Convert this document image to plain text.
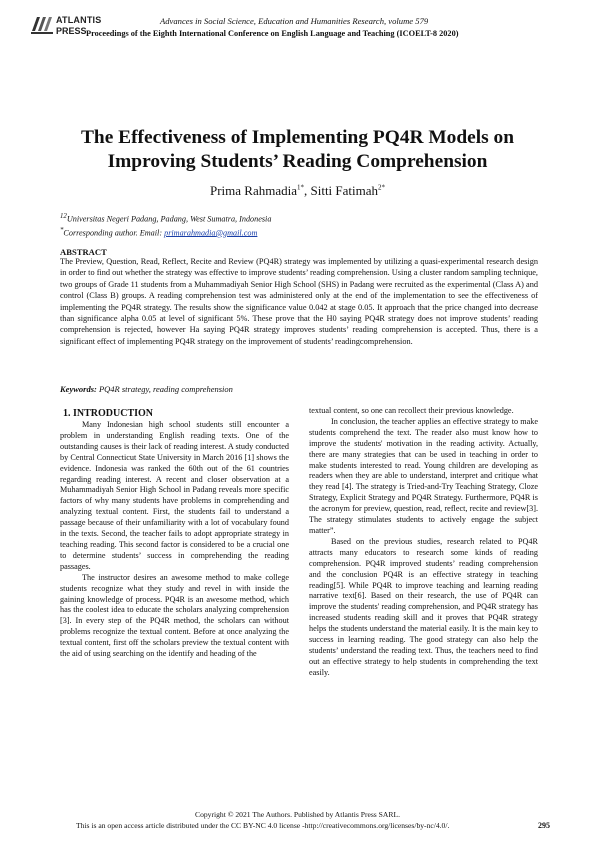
ATLANTIS
PRESS
Advances in Social Science, Education and Humanities Research, volume 579
Proceedings of the Eighth International Conference on English Language and Teaching (ICOELT-8 2020)
The Effectiveness of Implementing PQ4R Models on
Improving Students’ Reading Comprehension
Prima Rahmadia$^{1*}$, Sitti Fatimah$^{2*}$
$^{12}$Universitas Negeri Padang, Padang, West Sumatra, Indonesia
*Corresponding author. Email: primarahmadia@gmail.com
ABSTRACT

The Preview, Question, Read, Reflect, Recite and Review (PQ4R) strategy was implemented by utilizing a quasi-experimental research design in order to find out whether the strategy was effective to improve students’ reading comprehension. Using a cluster random sampling technique, two groups of Grade 11 students from a Muhammadiyah Senior High School (SHS) in Padang were recruited as the experimental (Class A) and control (Class B) groups. A reading comprehension test was administered only at the end of the implementation to see the effectiveness of implementing the PQ4R strategy. The results show the significance value 0.042 at stage 0.05. It approach that the price changed into decrease than significance alpha 0.05 at level of significant 5%. These prove that the H0 saying PQ4R strategy does not improve students’ reading comprehension is rejected, however Ha saying PQ4R strategy improves students’ reading comprehension is accepted. Thus, there is a significant effect of implementing PQ4R strategy on the improvement of students’ readingcomprehension.

Keywords: PQ4R strategy, reading comprehension
1. INTRODUCTION

Many Indonesian high school students still encounter a problem in understanding English reading texts. One of the outstanding causes is their lack of reading interest. A study conducted by Central Connecticut State University in March 2016 [1] shows the evidence. Indonesia was ranked the 60th out of the 61 countries regarding reading interest. A recent and closer observation at a Muhammadiyah Senior High School in Padang reveals more specific factors of why many students have problems in comprehending and analyzing textual content. First, the students fail to understand a passage because of their unfamiliarity with a lot of vocabulary found in the texts. Second, the teacher fails to adopt appropriate strategy in teaching reading. This second factor is considered to be a crucial one to determine students’ success in comprehending the reading passages.

The instructor desires an awesome method to make college students recognize what they study and revel in with inside the gaining knowledge of process. PQ4R is an awesome method, which has the coolest idea to educate the scholars analyzing comprehension [3]. In every step of the PQ4R method, the scholars can without problems recognize the textual content. Before at once analyzing the textual content, first off the scholars preview the textual content with the aid of using searching on the identify and heading of the

textual content, so one can recollect their previous knowledge.

In conclusion, the teacher applies an effective strategy to make students comprehend the text. The reader also must know how to improve the students' motivation in the reading activity. Actually, there are many strategies that can be used in teaching in order to make students interested to read. Young children are developing as readers when they are able to understand, interpret and critique what they read [4]. The strategy is Tried-and-Try Teaching Strategy, Cloze Strategy, Explicit Strategy and PQ4R Strategy. Furthermore, PQ4R is the acronym for preview, question, read, reflect, recite and review[3]. The strategy stimulates students to actively engage the subject matter”.

Based on the previous studies, research related to PQ4R attracts many educators to research some kinds of reading comprehension. PQ4R improved students’ reading comprehension and the conclusion PQ4R is an effective strategy in teaching reading[5]. While PQ4R to improve teaching and learning reading narrative text[6]. Based on their research, the use of PQ4R can improve the students' reading comprehension, and PQ4R strategy has increased students reading skill and it proves that PQ4R strategy helps the students understand the material easily. It is the main key to success in learning reading. The good strategy can also help the students’ understand the reading text. Thus, the teachers need to find out an effective strategy to help students in comprehending the text easily.

Copyright © 2021 The Authors. Published by Atlantis Press SARL.
This is an open access article distributed under the CC BY-NC 4.0 license -http://creativecommons.org/licenses/by-nc/4.0/.	295
